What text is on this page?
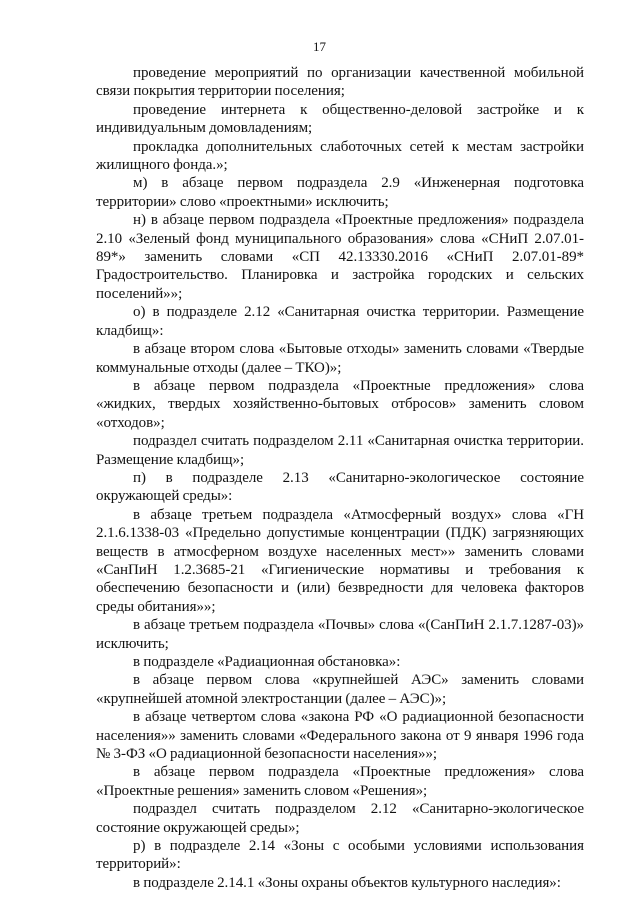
17

проведение мероприятий по организации качественной мобильной связи покрытия территории поселения;

проведение интернета к общественно-деловой застройке и к индивидуальным домовладениям;

прокладка дополнительных слаботочных сетей к местам застройки жилищного фонда.»;

м) в абзаце первом подраздела 2.9 «Инженерная подготовка территории» слово «проектными» исключить;

н) в абзаце первом подраздела «Проектные предложения» подраздела 2.10 «Зеленый фонд муниципального образования» слова «СНиП 2.07.01-89*» заменить словами «СП 42.13330.2016 «СНиП 2.07.01-89* Градостроительство. Планировка и застройка городских и сельских поселений»»;

о) в подразделе 2.12 «Санитарная очистка территории. Размещение кладбищ»:

в абзаце втором слова «Бытовые отходы» заменить словами «Твердые коммунальные отходы (далее – ТКО)»;

в абзаце первом подраздела «Проектные предложения» слова «жидких, твердых хозяйственно-бытовых отбросов» заменить словом «отходов»;

подраздел считать подразделом 2.11 «Санитарная очистка территории. Размещение кладбищ»;

п) в подразделе 2.13 «Санитарно-экологическое состояние окружающей среды»:

в абзаце третьем подраздела «Атмосферный воздух» слова «ГН 2.1.6.1338-03 «Предельно допустимые концентрации (ПДК) загрязняющих веществ в атмосферном воздухе населенных мест»» заменить словами «СанПиН 1.2.3685-21 «Гигиенические нормативы и требования к обеспечению безопасности и (или) безвредности для человека факторов среды обитания»»;

в абзаце третьем подраздела «Почвы» слова «(СанПиН 2.1.7.1287-03)» исключить;

в подразделе «Радиационная обстановка»:

в абзаце первом слова «крупнейшей АЭС» заменить словами «крупнейшей атомной электростанции (далее – АЭС)»;

в абзаце четвертом слова «закона РФ «О радиационной безопасности населения»» заменить словами «Федерального закона от 9 января 1996 года № 3-ФЗ «О радиационной безопасности населения»»;

в абзаце первом подраздела «Проектные предложения» слова «Проектные решения» заменить словом «Решения»;

подраздел считать подразделом 2.12 «Санитарно-экологическое состояние окружающей среды»;

р) в подразделе 2.14 «Зоны с особыми условиями использования территорий»:

в подразделе 2.14.1 «Зоны охраны объектов культурного наследия»:
